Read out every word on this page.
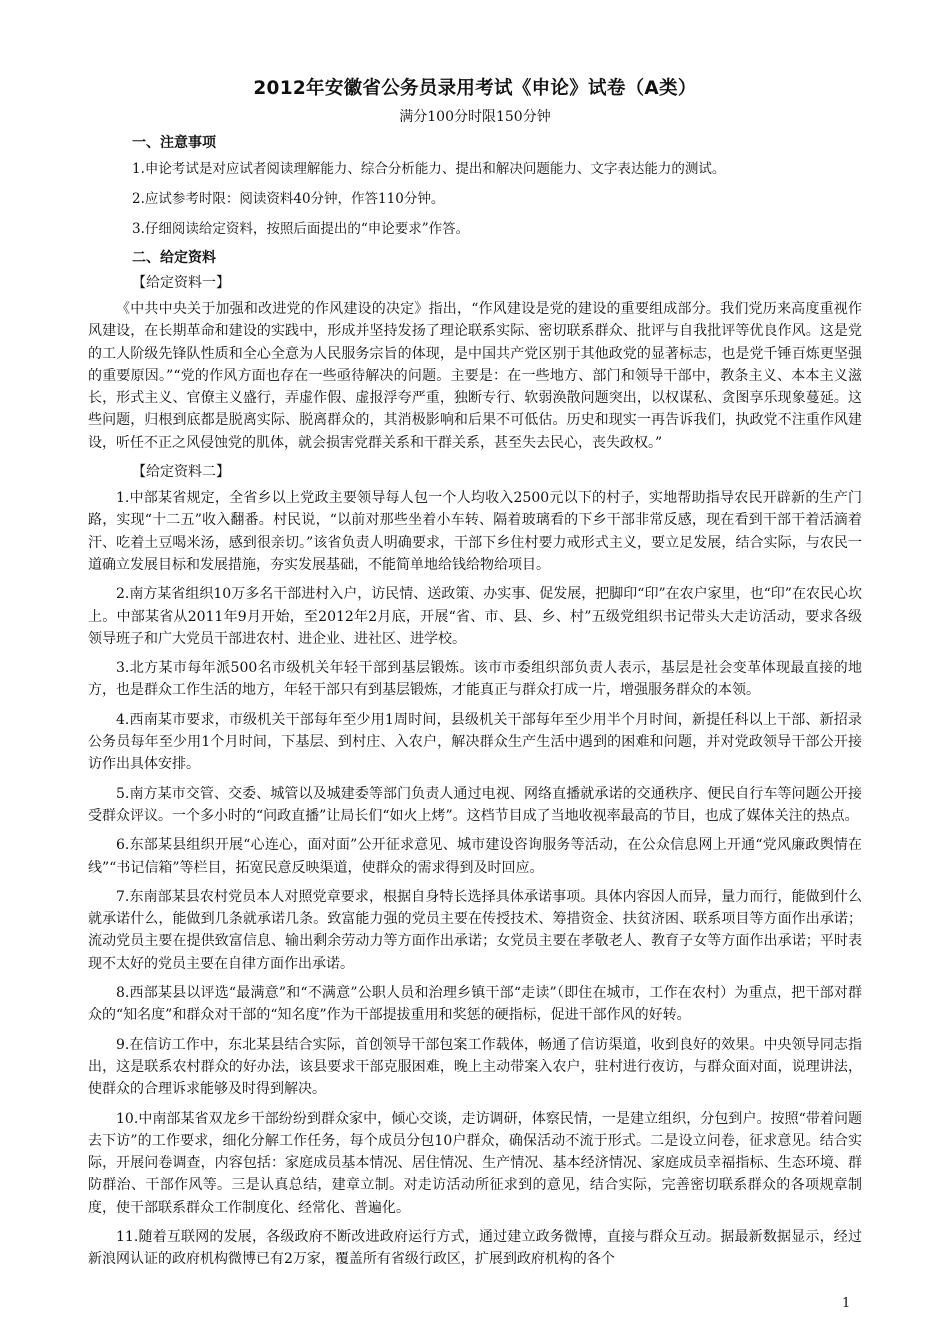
2012年安徽省公务员录用考试《申论》试卷（A类）
满分100分时限150分钟
一、注意事项
1.申论考试是对应试者阅读理解能力、综合分析能力、提出和解决问题能力、文字表达能力的测试。
2.应试参考时限：阅读资料40分钟，作答110分钟。
3.仔细阅读给定资料，按照后面提出的“申论要求”作答。
二、给定资料
【给定资料一】
《中共中央关于加强和改进党的作风建设的决定》指出，“作风建设是党的建设的重要组成部分。我们党历来高度重视作风建设，在长期革命和建设的实践中，形成并坚持发扬了理论联系实际、密切联系群众、批评与自我批评等优良作风。这是党的工人阶级先锋队性质和全心全意为人民服务宗旨的体现，是中国共产党区别于其他政党的显著标志，也是党千锤百炼更坚强的重要原因。”“党的作风方面也存在一些亟待解决的问题。主要是：在一些地方、部门和领导干部中，教条主义、本本主义滋长，形式主义、官僚主义盛行，弄虚作假、虚报浮夸严重，独断专行、软弱涣散问题突出，以权谋私、贪图享乐现象蔓延。这些问题，归根到底都是脱离实际、脱离群众的，其消极影响和后果不可低估。历史和现实一再告诉我们，执政党不注重作风建设，听任不正之风侵蚀党的肌体，就会损害党群关系和干群关系，甚至失去民心，丧失政权。”
【给定资料二】
1.中部某省规定，全省乡以上党政主要领导每人包一个人均收入2500元以下的村子，实地帮助指导农民开辟新的生产门路，实现“十二五”收入翻番。村民说，“以前对那些坐着小车转、隔着玻璃看的下乡干部非常反感，现在看到干部干着活滴着汗、吃着土豆喝米汤，感到很亲切。”该省负责人明确要求，干部下乡住村要力戒形式主义，要立足发展，结合实际，与农民一道确立发展目标和发展措施，夯实发展基础，不能简单地给钱给物给项目。
2.南方某省组织10万多名干部进村入户，访民情、送政策、办实事、促发展，把脚印“印”在农户家里，也“印”在农民心坎上。中部某省从2011年9月开始，至2012年2月底，开展“省、市、县、乡、村”五级党组织书记带头大走访活动，要求各级领导班子和广大党员干部进农村、进企业、进社区、进学校。
3.北方某市每年派500名市级机关年轻干部到基层锻炼。该市市委组织部负责人表示，基层是社会变革体现最直接的地方，也是群众工作生活的地方，年轻干部只有到基层锻炼，才能真正与群众打成一片，增强服务群众的本领。
4.西南某市要求，市级机关干部每年至少用1周时间，县级机关干部每年至少用半个月时间，新提任科以上干部、新招录公务员每年至少用1个月时间，下基层、到村庄、入农户，解决群众生产生活中遇到的困难和问题，并对党政领导干部公开接访作出具体安排。
5.南方某市交管、交委、城管以及城建委等部门负责人通过电视、网络直播就承诺的交通秩序、便民自行车等问题公开接受群众评议。一个多小时的“问政直播”让局长们“如火上烤”。这档节目成了当地收视率最高的节目，也成了媒体关注的热点。
6.东部某县组织开展“心连心，面对面”公开征求意见、城市建设咨询服务等活动，在公众信息网上开通“党风廉政舆情在线”“书记信箱”等栏目，拓宽民意反映渠道，使群众的需求得到及时回应。
7.东南部某县农村党员本人对照党章要求，根据自身特长选择具体承诺事项。具体内容因人而异，量力而行，能做到什么就承诺什么，能做到几条就承诺几条。致富能力强的党员主要在传授技术、筹措资金、扶贫济困、联系项目等方面作出承诺；流动党员主要在提供致富信息、输出剩余劳动力等方面作出承诺；女党员主要在孝敬老人、教育子女等方面作出承诺；平时表现不太好的党员主要在自律方面作出承诺。
8.西部某县以评选“最满意”和“不满意”公职人员和治理乡镇干部“走读”（即住在城市，工作在农村）为重点，把干部对群众的“知名度”和群众对干部的“知名度”作为干部提拔重用和奖惩的硬指标，促进干部作风的好转。
9.在信访工作中，东北某县结合实际，首创领导干部包案工作载体，畅通了信访渠道，收到良好的效果。中央领导同志指出，这是联系农村群众的好办法，该县要求干部克服困难，晚上主动带案入农户，驻村进行夜访，与群众面对面，说理讲法，使群众的合理诉求能够及时得到解决。
10.中南部某省双龙乡干部纷纷到群众家中，倾心交谈，走访调研，体察民情，一是建立组织，分包到户。按照“带着问题去下访”的工作要求，细化分解工作任务，每个成员分包10户群众，确保活动不流于形式。二是设立问卷，征求意见。结合实际，开展问卷调查，内容包括：家庭成员基本情况、居住情况、生产情况、基本经济情况、家庭成员幸福指标、生态环境、群防群治、干部作风等。三是认真总结，建章立制。对走访活动所征求到的意见，结合实际，完善密切联系群众的各项规章制度，使干部联系群众工作制度化、经常化、普遍化。
11.随着互联网的发展，各级政府不断改进政府运行方式，通过建立政务微博，直接与群众互动。据最新数据显示，经过新浪网认证的政府机构微博已有2万家，覆盖所有省级行政区，扩展到政府机构的各个
1
